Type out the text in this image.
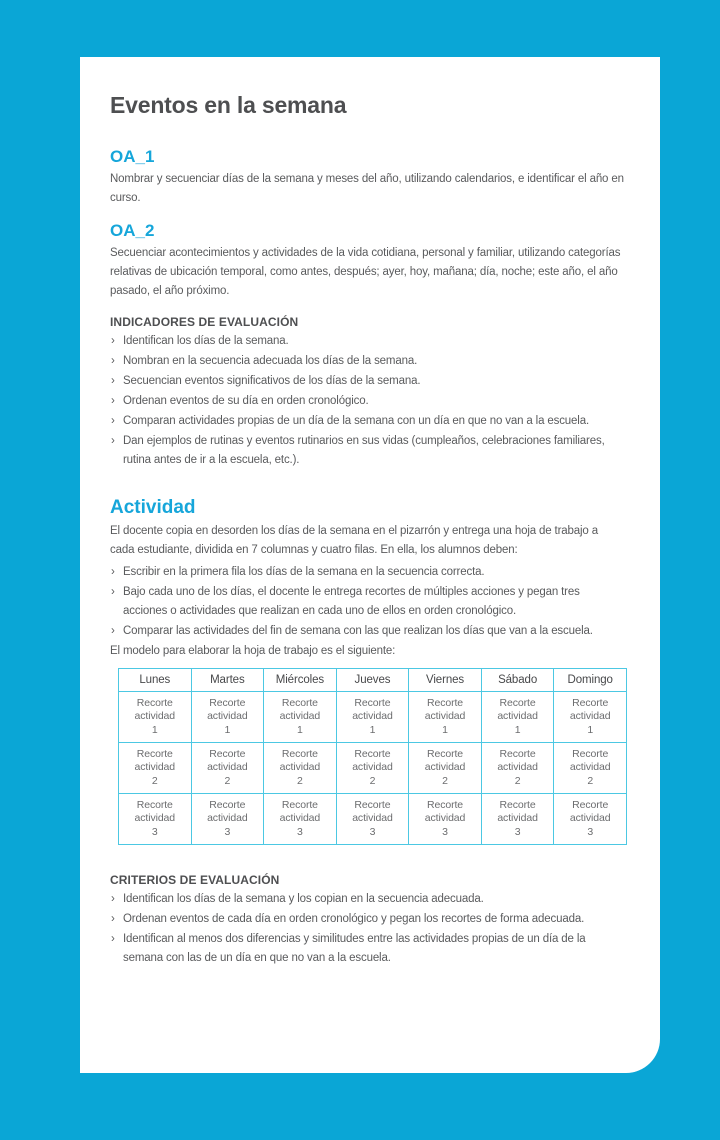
Eventos en la semana
OA_1

Nombrar y secuenciar días de la semana y meses del año, utilizando calendarios, e identificar el año en curso.

OA_2

Secuenciar acontecimientos y actividades de la vida cotidiana, personal y familiar, utilizando categorías relativas de ubicación temporal, como antes, después; ayer, hoy, mañana; día, noche; este año, el año pasado, el año próximo.

INDICADORES DE EVALUACIÓN
› Identifican los días de la semana.
› Nombran en la secuencia adecuada los días de la semana.
› Secuencian eventos significativos de los días de la semana.
› Ordenan eventos de su día en orden cronológico.
› Comparan actividades propias de un día de la semana con un día en que no van a la escuela.
› Dan ejemplos de rutinas y eventos rutinarios en sus vidas (cumpleaños, celebraciones familiares, rutina antes de ir a la escuela, etc.).
Actividad

El docente copia en desorden los días de la semana en el pizarrón y entrega una hoja de trabajo a cada estudiante, dividida en 7 columnas y cuatro filas. En ella, los alumnos deben:

› Escribir en la primera fila los días de la semana en la secuencia correcta.
› Bajo cada uno de los días, el docente le entrega recortes de múltiples acciones y pegan tres acciones o actividades que realizan en cada uno de ellos en orden cronológico.
› Comparar las actividades del fin de semana con las que realizan los días que van a la escuela.

El modelo para elaborar la hoja de trabajo es el siguiente:

Lunes	Martes	Miércoles	Jueves	Viernes	Sábado	Domingo
Recorte
actividad
1	Recorte
actividad
1	Recorte
actividad
1	Recorte
actividad
1	Recorte
actividad
1	Recorte
actividad
1	Recorte
actividad
1
Recorte
actividad
2	Recorte
actividad
2	Recorte
actividad
2	Recorte
actividad
2	Recorte
actividad
2	Recorte
actividad
2	Recorte
actividad
2
Recorte
actividad
3	Recorte
actividad
3	Recorte
actividad
3	Recorte
actividad
3	Recorte
actividad
3	Recorte
actividad
3	Recorte
actividad
3
CRITERIOS DE EVALUACIÓN
› Identifican los días de la semana y los copian en la secuencia adecuada.
› Ordenan eventos de cada día en orden cronológico y pegan los recortes de forma adecuada.
› Identifican al menos dos diferencias y similitudes entre las actividades propias de un día de la semana con las de un día en que no van a la escuela.
